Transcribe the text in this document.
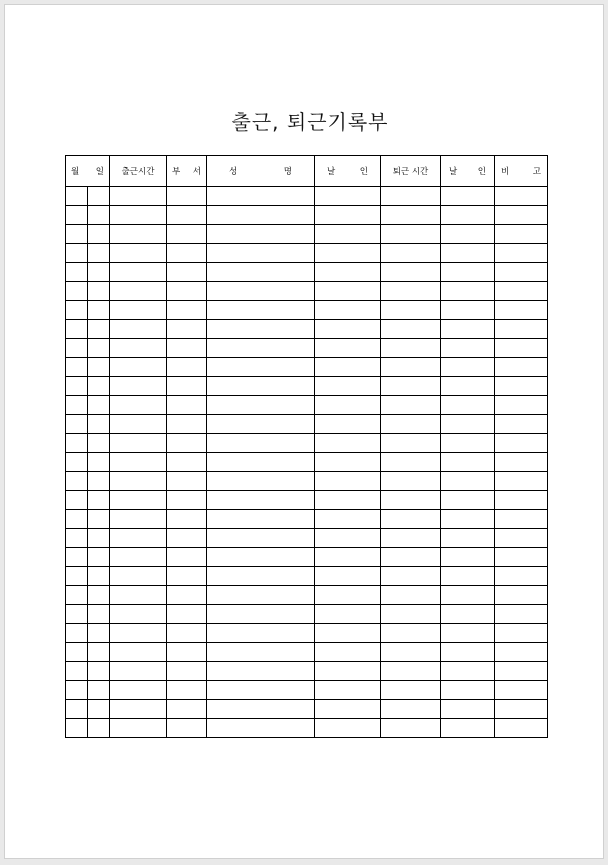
출근, 퇴근기록부
월 일		출근시간	부 서	성 명	날 인	퇴근 시간	날 인	비 고
